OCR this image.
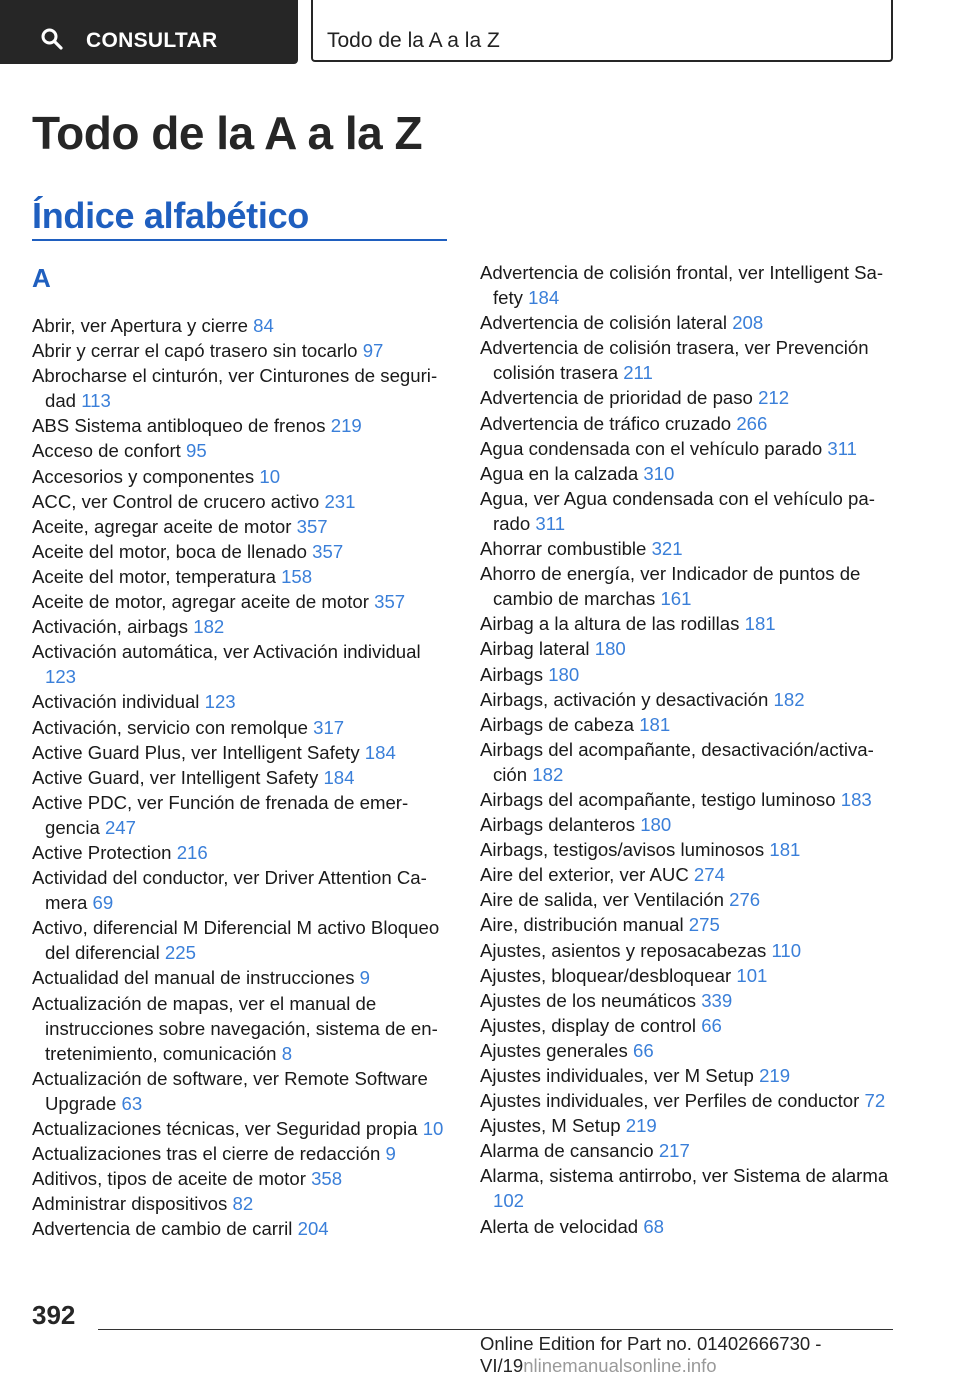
CONSULTAR	Todo de la A a la Z
Todo de la A a la Z
Índice alfabético
A
Abrir, ver Apertura y cierre 84
Abrir y cerrar el capó trasero sin tocarlo 97
Abrocharse el cinturón, ver Cinturones de seguridad 113
ABS Sistema antibloqueo de frenos 219
Acceso de confort 95
Accesorios y componentes 10
ACC, ver Control de crucero activo 231
Aceite, agregar aceite de motor 357
Aceite del motor, boca de llenado 357
Aceite del motor, temperatura 158
Aceite de motor, agregar aceite de motor 357
Activación, airbags 182
Activación automática, ver Activación individual 123
Activación individual 123
Activación, servicio con remolque 317
Active Guard Plus, ver Intelligent Safety 184
Active Guard, ver Intelligent Safety 184
Active PDC, ver Función de frenada de emergencia 247
Active Protection 216
Actividad del conductor, ver Driver Attention Camera 69
Activo, diferencial M Diferencial M activo Bloqueo del diferencial 225
Actualidad del manual de instrucciones 9
Actualización de mapas, ver el manual de instrucciones sobre navegación, sistema de entretenimiento, comunicación 8
Actualización de software, ver Remote Software Upgrade 63
Actualizaciones técnicas, ver Seguridad propia 10
Actualizaciones tras el cierre de redacción 9
Aditivos, tipos de aceite de motor 358
Administrar dispositivos 82
Advertencia de cambio de carril 204
Advertencia de colisión frontal, ver Intelligent Safety 184
Advertencia de colisión lateral 208
Advertencia de colisión trasera, ver Prevención colisión trasera 211
Advertencia de prioridad de paso 212
Advertencia de tráfico cruzado 266
Agua condensada con el vehículo parado 311
Agua en la calzada 310
Agua, ver Agua condensada con el vehículo parado 311
Ahorrar combustible 321
Ahorro de energía, ver Indicador de puntos de cambio de marchas 161
Airbag a la altura de las rodillas 181
Airbag lateral 180
Airbags 180
Airbags, activación y desactivación 182
Airbags de cabeza 181
Airbags del acompañante, desactivación/activación 182
Airbags del acompañante, testigo luminoso 183
Airbags delanteros 180
Airbags, testigos/avisos luminosos 181
Aire del exterior, ver AUC 274
Aire de salida, ver Ventilación 276
Aire, distribución manual 275
Ajustes, asientos y reposacabezas 110
Ajustes, bloquear/desbloquear 101
Ajustes de los neumáticos 339
Ajustes, display de control 66
Ajustes generales 66
Ajustes individuales, ver M Setup 219
Ajustes individuales, ver Perfiles de conductor 72
Ajustes, M Setup 219
Alarma de cansancio 217
Alarma, sistema antirrobo, ver Sistema de alarma 102
Alerta de velocidad 68
392
Online Edition for Part no. 01402666730 - VI/19nlinemanualsonline.info
